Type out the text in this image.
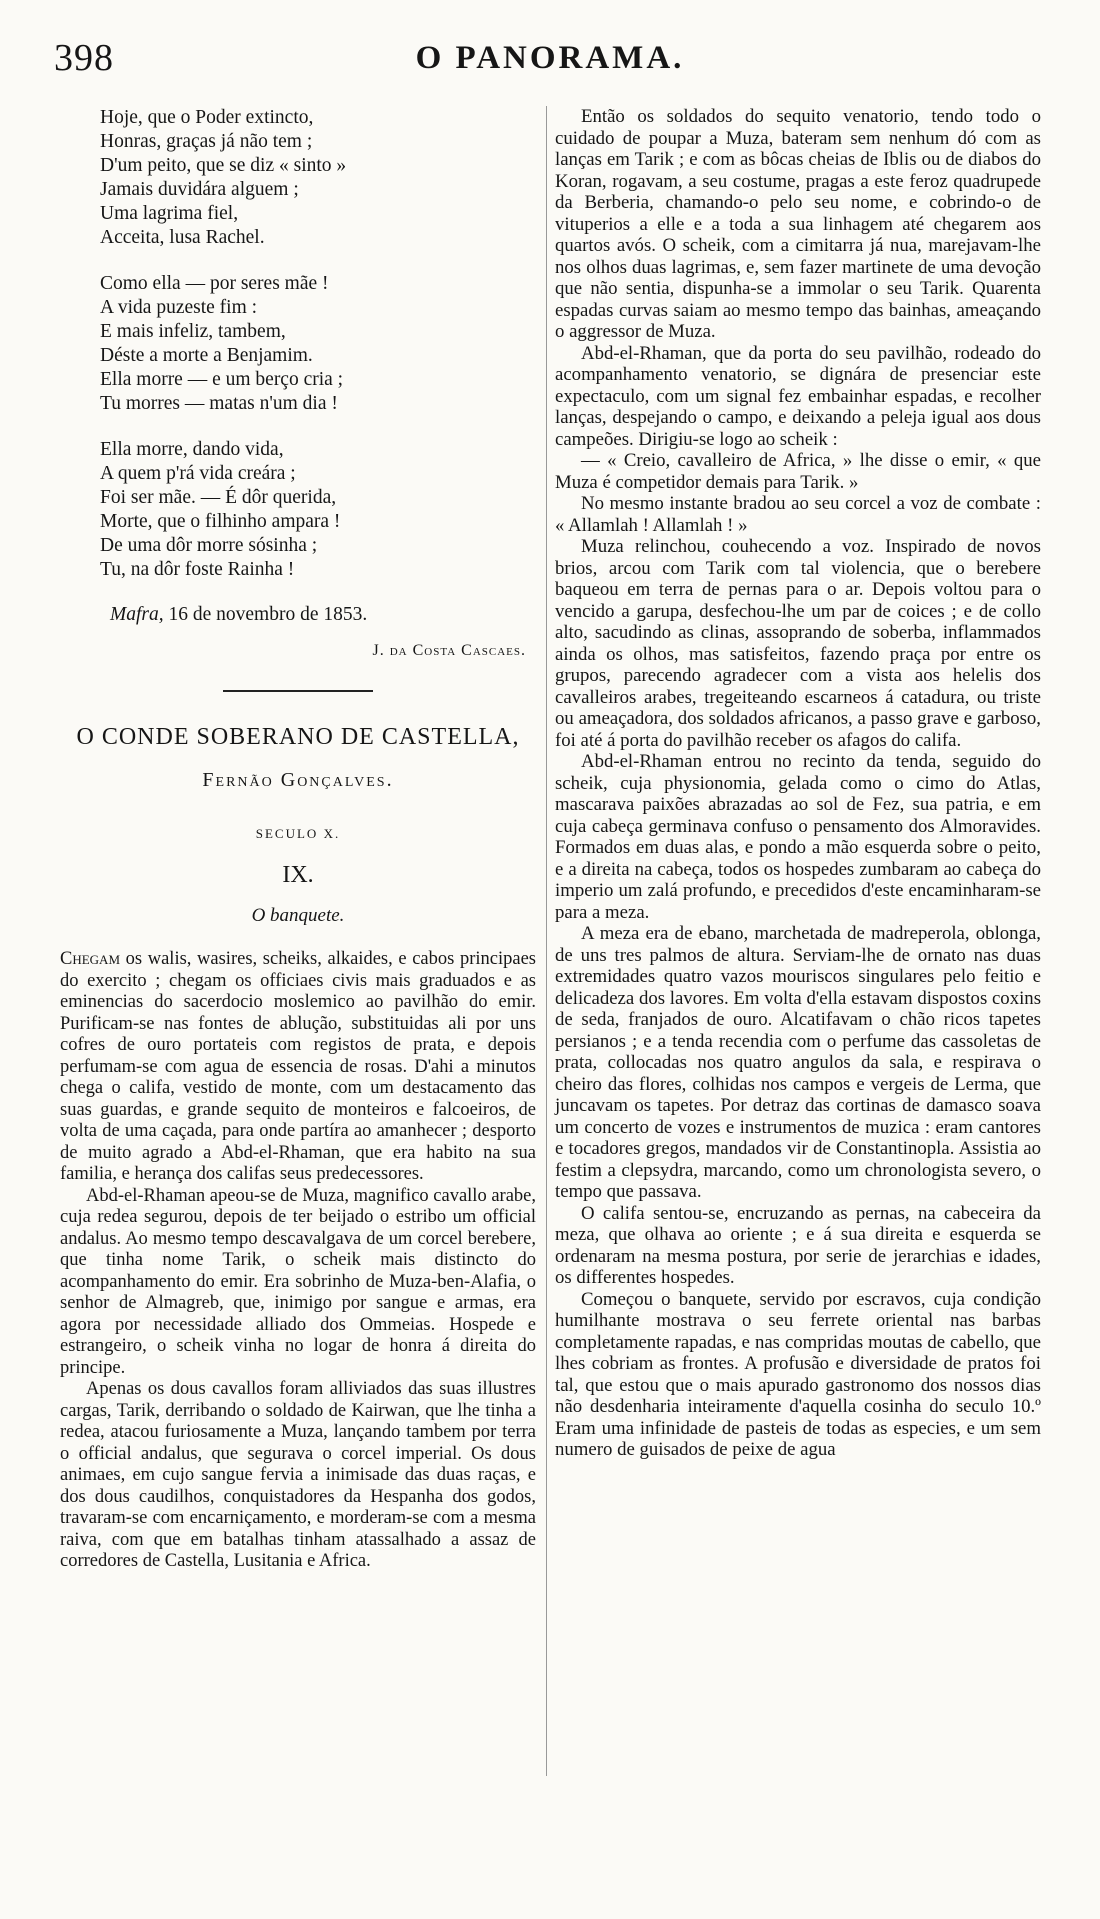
398	O PANORAMA.
Hoje, que o Poder extincto,
Honras, graças já não tem ;
D'um peito, que se diz « sinto »
Jamais duvidára alguem ;
Uma lagrima fiel,
Acceita, lusa Rachel.
Como ella — por seres mãe !
A vida puzeste fim :
E mais infeliz, tambem,
Déste a morte a Benjamim.
Ella morre — e um berço cria ;
Tu morres — matas n'um dia !
Ella morre, dando vida,
A quem p'rá vida creára ;
Foi ser mãe. — É dôr querida,
Morte, que o filhinho ampara !
De uma dôr morre sósinha ;
Tu, na dôr foste Rainha !
Mafra, 16 de novembro de 1853.
J. da Costa Cascaes.
O CONDE SOBERANO DE CASTELLA,
Fernão Gonçalves.
SECULO X.
IX.
O banquete.

Chegam os walis, wasires, scheiks, alkaides, e cabos principaes do exercito ; chegam os officiaes civis mais graduados e as eminencias do sacerdocio moslemico ao pavilhão do emir. Purificam-se nas fontes de ablução, substituidas ali por uns cofres de ouro portateis com registos de prata, e depois perfumam-se com agua de essencia de rosas. D'ahi a minutos chega o califa, vestido de monte, com um destacamento das suas guardas, e grande sequito de monteiros e falcoeiros, de volta de uma caçada, para onde partíra ao amanhecer ; desporto de muito agrado a Abd-el-Rhaman, que era habito na sua familia, e herança dos califas seus predecessores.

Abd-el-Rhaman apeou-se de Muza, magnifico cavallo arabe, cuja redea segurou, depois de ter beijado o estribo um official andalus. Ao mesmo tempo descavalgava de um corcel berebere, que tinha nome Tarik, o scheik mais distincto do acompanhamento do emir. Era sobrinho de Muza-ben-Alafia, o senhor de Almagreb, que, inimigo por sangue e armas, era agora por necessidade alliado dos Ommeias. Hospede e estrangeiro, o scheik vinha no logar de honra á direita do principe.

Apenas os dous cavallos foram alliviados das suas illustres cargas, Tarik, derribando o soldado de Kairwan, que lhe tinha a redea, atacou furiosamente a Muza, lançando tambem por terra o official andalus, que segurava o corcel imperial. Os dous animaes, em cujo sangue fervia a inimisade das duas raças, e dos dous caudilhos, conquistadores da Hespanha dos godos, travaram-se com encarniçamento, e morderam-se com a mesma raiva, com que em batalhas tinham atassalhado a assaz de corredores de Castella, Lusitania e Africa.

Então os soldados do sequito venatorio, tendo todo o cuidado de poupar a Muza, bateram sem nenhum dó com as lanças em Tarik ; e com as bôcas cheias de Iblis ou de diabos do Koran, rogavam, a seu costume, pragas a este feroz quadrupede da Berberia, chamando-o pelo seu nome, e cobrindo-o de vituperios a elle e a toda a sua linhagem até chegarem aos quartos avós. O scheik, com a cimitarra já nua, marejavam-lhe nos olhos duas lagrimas, e, sem fazer martinete de uma devoção que não sentia, dispunha-se a immolar o seu Tarik. Quarenta espadas curvas saiam ao mesmo tempo das bainhas, ameaçando o aggressor de Muza.

Abd-el-Rhaman, que da porta do seu pavilhão, rodeado do acompanhamento venatorio, se dignára de presenciar este expectaculo, com um signal fez embainhar espadas, e recolher lanças, despejando o campo, e deixando a peleja igual aos dous campeões. Dirigiu-se logo ao scheik :

— « Creio, cavalleiro de Africa, » lhe disse o emir, « que Muza é competidor demais para Tarik. »

No mesmo instante bradou ao seu corcel a voz de combate : « Allamlah ! Allamlah ! »

Muza relinchou, couhecendo a voz. Inspirado de novos brios, arcou com Tarik com tal violencia, que o berebere baqueou em terra de pernas para o ar. Depois voltou para o vencido a garupa, desfechou-lhe um par de coices ; e de collo alto, sacudindo as clinas, assoprando de soberba, inflammados ainda os olhos, mas satisfeitos, fazendo praça por entre os grupos, parecendo agradecer com a vista aos helelis dos cavalleiros arabes, tregeiteando escarneos á catadura, ou triste ou ameaçadora, dos soldados africanos, a passo grave e garboso, foi até á porta do pavilhão receber os afagos do califa.

Abd-el-Rhaman entrou no recinto da tenda, seguido do scheik, cuja physionomia, gelada como o cimo do Atlas, mascarava paixões abrazadas ao sol de Fez, sua patria, e em cuja cabeça germinava confuso o pensamento dos Almoravides. Formados em duas alas, e pondo a mão esquerda sobre o peito, e a direita na cabeça, todos os hospedes zumbaram ao cabeça do imperio um zalá profundo, e precedidos d'este encaminharam-se para a meza.

A meza era de ebano, marchetada de madreperola, oblonga, de uns tres palmos de altura. Serviam-lhe de ornato nas duas extremidades quatro vazos mouriscos singulares pelo feitio e delicadeza dos lavores. Em volta d'ella estavam dispostos coxins de seda, franjados de ouro. Alcatifavam o chão ricos tapetes persianos ; e a tenda recendia com o perfume das cassoletas de prata, collocadas nos quatro angulos da sala, e respirava o cheiro das flores, colhidas nos campos e vergeis de Lerma, que juncavam os tapetes. Por detraz das cortinas de damasco soava um concerto de vozes e instrumentos de muzica : eram cantores e tocadores gregos, mandados vir de Constantinopla. Assistia ao festim a clepsydra, marcando, como um chronologista severo, o tempo que passava.

O califa sentou-se, encruzando as pernas, na cabeceira da meza, que olhava ao oriente ; e á sua direita e esquerda se ordenaram na mesma postura, por serie de jerarchias e idades, os differentes hospedes.

Começou o banquete, servido por escravos, cuja condição humilhante mostrava o seu ferrete oriental nas barbas completamente rapadas, e nas compridas moutas de cabello, que lhes cobriam as frontes. A profusão e diversidade de pratos foi tal, que estou que o mais apurado gastronomo dos nossos dias não desdenharia inteiramente d'aquella cosinha do seculo 10.º Eram uma infinidade de pasteis de todas as especies, e um sem numero de guisados de peixe de agua
